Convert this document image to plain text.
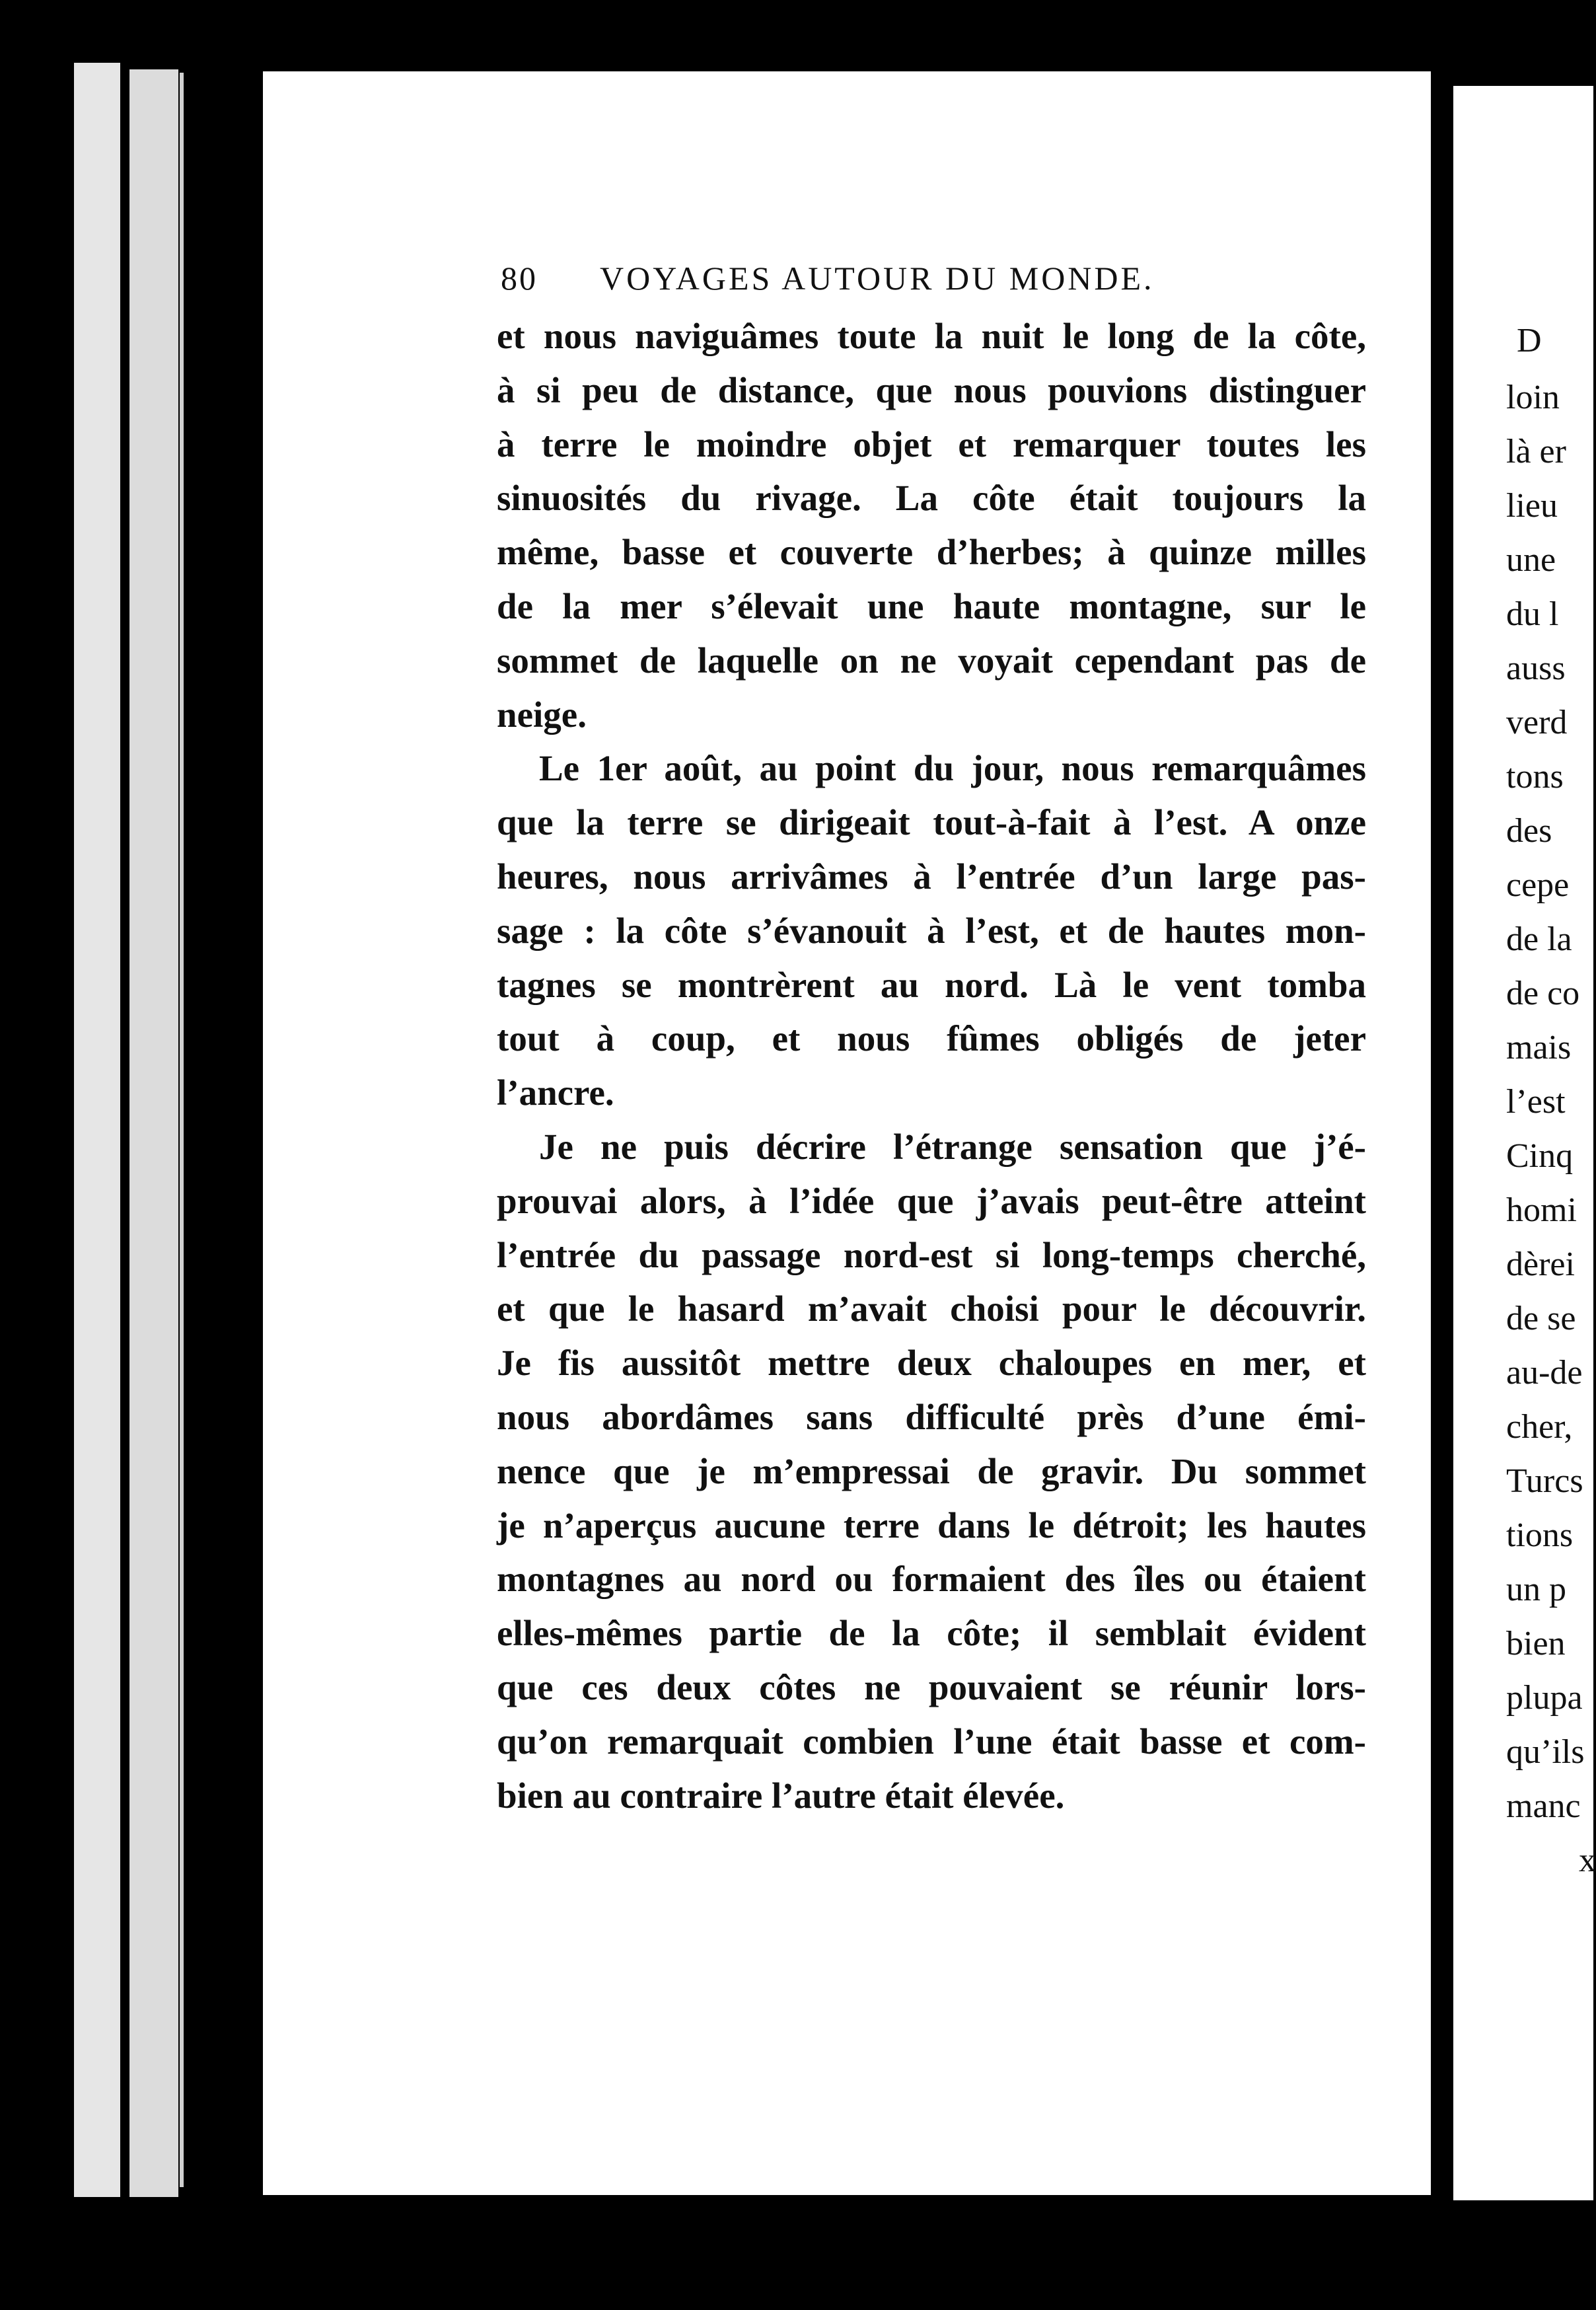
80	VOYAGES AUTOUR DU MONDE.
et nous naviguâmes toute la nuit le long de la côte,
à si peu de distance, que nous pouvions distinguer
à terre le moindre objet et remarquer toutes les
sinuosités du rivage. La côte était toujours la
même, basse et couverte d’herbes; à quinze milles
de la mer s’élevait une haute montagne, sur le
sommet de laquelle on ne voyait cependant pas de
neige.
Le 1er août, au point du jour, nous remarquâmes
que la terre se dirigeait tout-à-fait à l’est. A onze
heures, nous arrivâmes à l’entrée d’un large pas-
sage : la côte s’évanouit à l’est, et de hautes mon-
tagnes se montrèrent au nord. Là le vent tomba
tout à coup, et nous fûmes obligés de jeter
l’ancre.
Je ne puis décrire l’étrange sensation que j’é-
prouvai alors, à l’idée que j’avais peut-être atteint
l’entrée du passage nord-est si long-temps cherché,
et que le hasard m’avait choisi pour le découvrir.
Je fis aussitôt mettre deux chaloupes en mer, et
nous abordâmes sans difficulté près d’une émi-
nence que je m’empressai de gravir. Du sommet
je n’aperçus aucune terre dans le détroit; les hautes
montagnes au nord ou formaient des îles ou étaient
elles-mêmes partie de la côte; il semblait évident
que ces deux côtes ne pouvaient se réunir lors-
qu’on remarquait combien l’une était basse et com-
bien au contraire l’autre était élevée.
D
loin
là er
lieu
une
du l
auss
verd
tons
des
cepe
de la
de co
mais
l’est
Cinq
homi
dèrei
de se
au-de
cher,
Turcs
tions
un p
bien
plupa
qu’ils
manc
x
